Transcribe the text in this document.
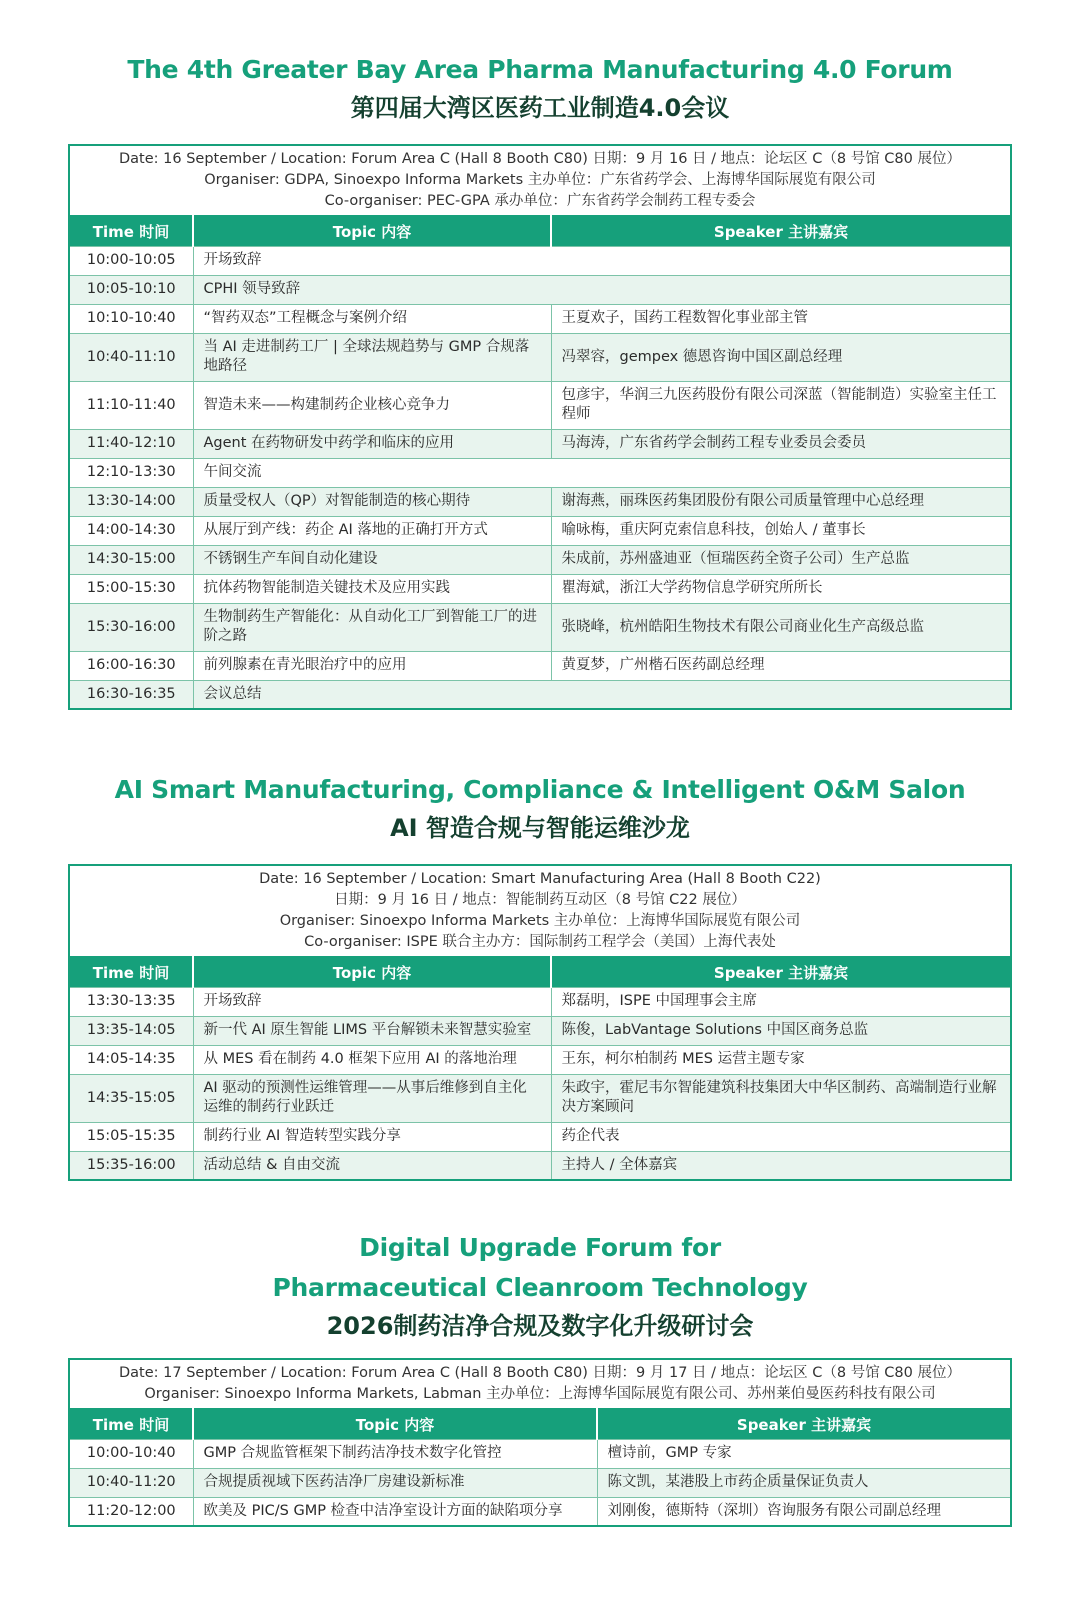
The 4th Greater Bay Area Pharma Manufacturing 4.0 Forum
第四届大湾区医药工业制造4.0会议
Date: 16 September / Location: Forum Area C (Hall 8 Booth C80) 日期：9 月 16 日 / 地点：论坛区 C（8 号馆 C80 展位）
Organiser: GDPA, Sinoexpo Informa Markets 主办单位：广东省药学会、上海博华国际展览有限公司
Co-organiser: PEC-GPA 承办单位：广东省药学会制药工程专委会
Time 时间	Topic 内容	Speaker 主讲嘉宾
10:00-10:05	开场致辞	
10:05-10:10	CPHI 领导致辞	
10:10-10:40	“智药双态”工程概念与案例介绍	王夏欢子，国药工程数智化事业部主管
10:40-11:10	当 AI 走进制药工厂 | 全球法规趋势与 GMP 合规落地路径	冯翠容，gempex 德恩咨询中国区副总经理
11:10-11:40	智造未来——构建制药企业核心竞争力	包彦宇，华润三九医药股份有限公司深蓝（智能制造）实验室主任工程师
11:40-12:10	Agent 在药物研发中药学和临床的应用	马海涛，广东省药学会制药工程专业委员会委员
12:10-13:30	午间交流	
13:30-14:00	质量受权人（QP）对智能制造的核心期待	谢海燕，丽珠医药集团股份有限公司质量管理中心总经理
14:00-14:30	从展厅到产线：药企 AI 落地的正确打开方式	喻咏梅，重庆阿克索信息科技，创始人 / 董事长
14:30-15:00	不锈钢生产车间自动化建设	朱成前，苏州盛迪亚（恒瑞医药全资子公司）生产总监
15:00-15:30	抗体药物智能制造关键技术及应用实践	瞿海斌，浙江大学药物信息学研究所所长
15:30-16:00	生物制药生产智能化：从自动化工厂到智能工厂的进阶之路	张晓峰，杭州皓阳生物技术有限公司商业化生产高级总监
16:00-16:30	前列腺素在青光眼治疗中的应用	黄夏梦，广州楷石医药副总经理
16:30-16:35	会议总结	
AI Smart Manufacturing, Compliance & Intelligent O&M Salon
AI 智造合规与智能运维沙龙
Date: 16 September / Location: Smart Manufacturing Area (Hall 8 Booth C22)
日期：9 月 16 日 / 地点：智能制药互动区（8 号馆 C22 展位）
Organiser: Sinoexpo Informa Markets 主办单位：上海博华国际展览有限公司
Co-organiser: ISPE 联合主办方：国际制药工程学会（美国）上海代表处
Time 时间	Topic 内容	Speaker 主讲嘉宾
13:30-13:35	开场致辞	郑磊明，ISPE 中国理事会主席
13:35-14:05	新一代 AI 原生智能 LIMS 平台解锁未来智慧实验室	陈俊，LabVantage Solutions 中国区商务总监
14:05-14:35	从 MES 看在制药 4.0 框架下应用 AI 的落地治理	王东，柯尔柏制药 MES 运营主题专家
14:35-15:05	AI 驱动的预测性运维管理——从事后维修到自主化运维的制药行业跃迁	朱政宇，霍尼韦尔智能建筑科技集团大中华区制药、高端制造行业解决方案顾问
15:05-15:35	制药行业 AI 智造转型实践分享	药企代表
15:35-16:00	活动总结 & 自由交流	主持人 / 全体嘉宾
Digital Upgrade Forum for
Pharmaceutical Cleanroom Technology
2026制药洁净合规及数字化升级研讨会
Date: 17 September / Location: Forum Area C (Hall 8 Booth C80) 日期：9 月 17 日 / 地点：论坛区 C（8 号馆 C80 展位）
Organiser: Sinoexpo Informa Markets, Labman 主办单位：上海博华国际展览有限公司、苏州莱伯曼医药科技有限公司
Time 时间	Topic 内容	Speaker 主讲嘉宾
10:00-10:40	GMP 合规监管框架下制药洁净技术数字化管控	檀诗前，GMP 专家
10:40-11:20	合规提质视域下医药洁净厂房建设新标准	陈文凯，某港股上市药企质量保证负责人
11:20-12:00	欧美及 PIC/S GMP 检查中洁净室设计方面的缺陷项分享	刘刚俊，德斯特（深圳）咨询服务有限公司副总经理
